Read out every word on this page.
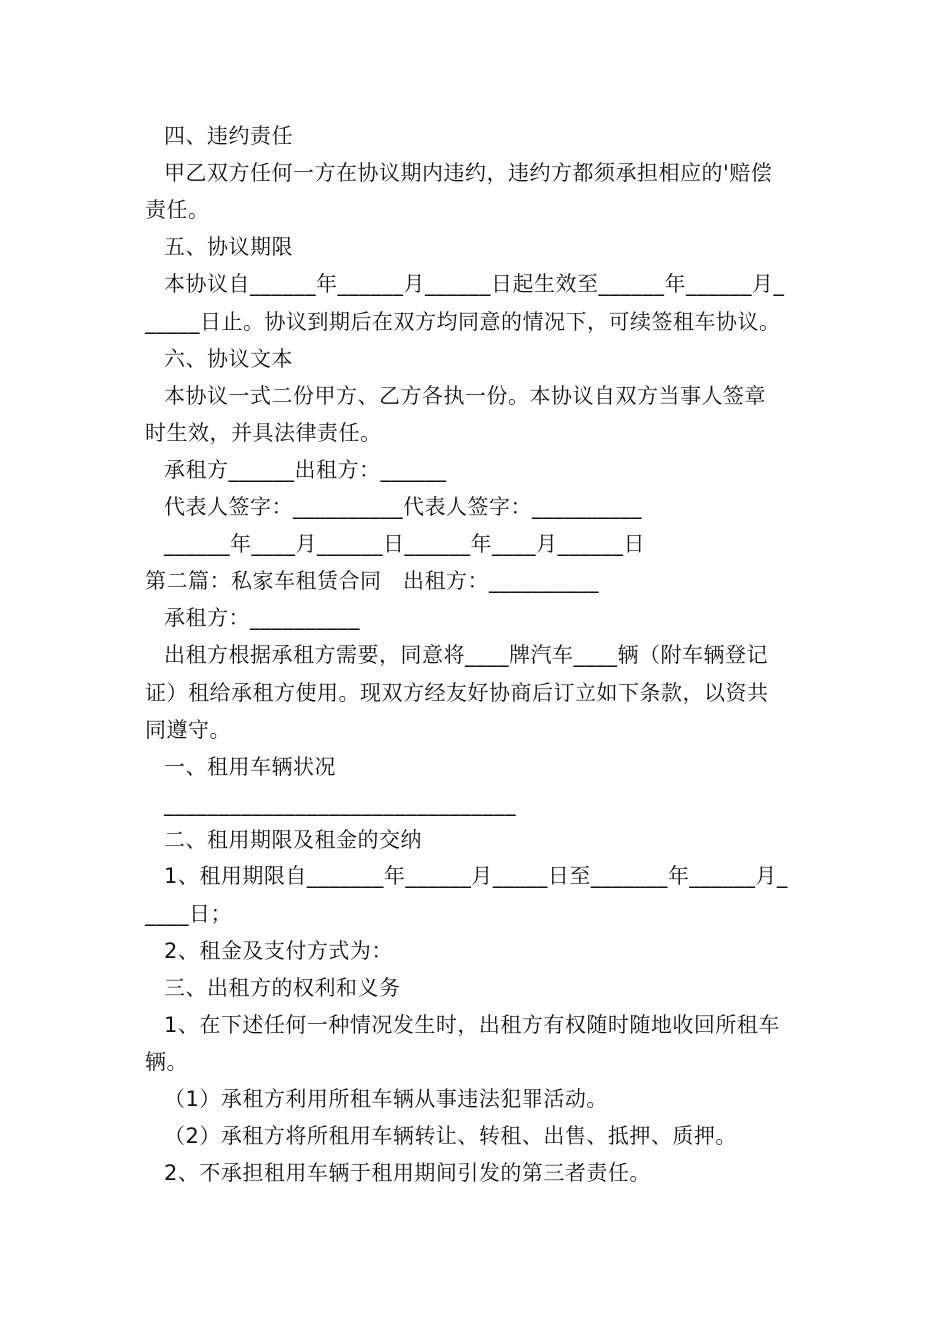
四、违约责任
甲乙双方任何一方在协议期内违约，违约方都须承担相应的'赔偿
责任。
五、协议期限
本协议自______年______月______日起生效至______年______月_
_____日止。协议到期后在双方均同意的情况下，可续签租车协议。
六、协议文本
本协议一式二份甲方、乙方各执一份。本协议自双方当事人签章
时生效，并具法律责任。
承租方______出租方：______
代表人签字：__________代表人签字：__________
______年____月______日______年____月______日
第二篇：私家车租赁合同　出租方：__________
承租方：__________
出租方根据承租方需要，同意将____牌汽车____辆（附车辆登记
证）租给承租方使用。现双方经友好协商后订立如下条款，以资共
同遵守。
一、租用车辆状况
________________________________
二、租用期限及租金的交纳
1、租用期限自_______年______月_____日至_______年______月_
____日；
2、租金及支付方式为：
三、出租方的权利和义务
1、在下述任何一种情况发生时，出租方有权随时随地收回所租车
辆。
（1）承租方利用所租车辆从事违法犯罪活动。
（2）承租方将所租用车辆转让、转租、出售、抵押、质押。
2、不承担租用车辆于租用期间引发的第三者责任。
